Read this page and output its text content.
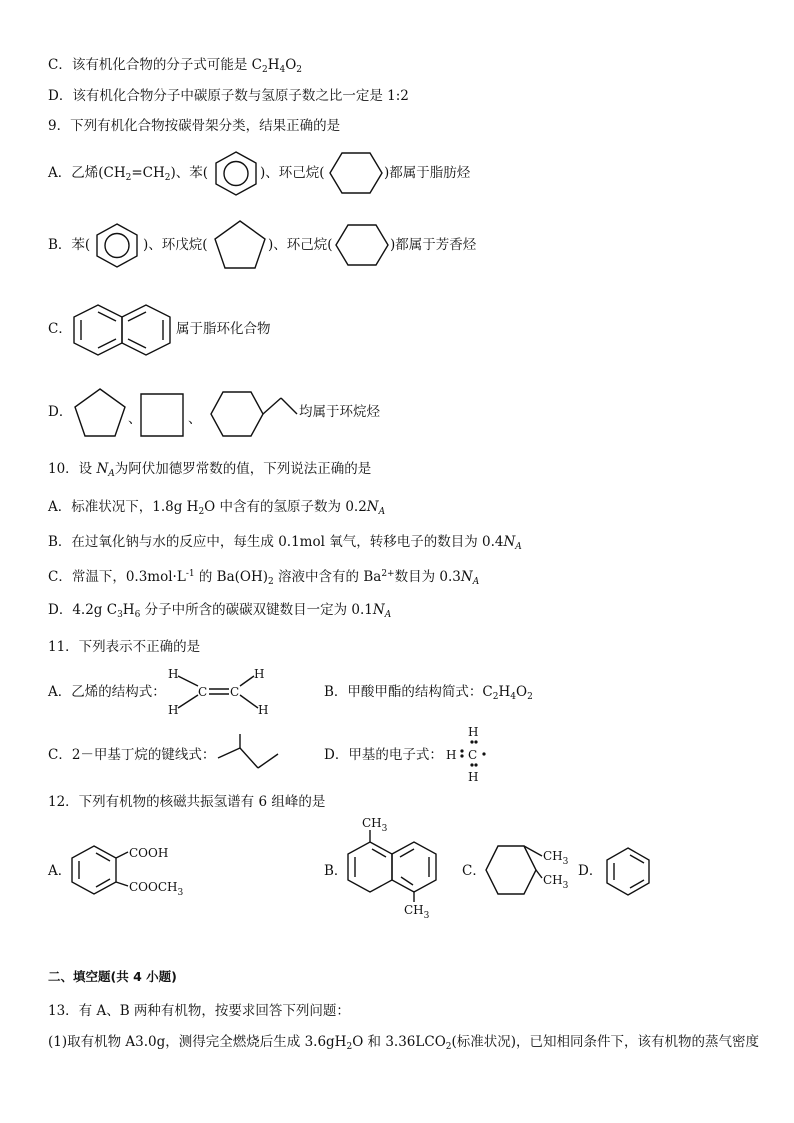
C．该有机化合物的分子式可能是 $C_2H_4O_2$
D．该有机化合物分子中碳原子数与氢原子数之比一定是 1:2
9．下列有机化合物按碳骨架分类，结果正确的是
A．乙烯$(CH_2=CH_2)$、苯(	)、环己烷(	)都属于脂肪烃
B．苯(	)、环戊烷(	)、环己烷(	)都属于芳香烃
C．	属于脂环化合物
D．	、	、	均属于环烷烃
10．设 $N_A$为阿伏加德罗常数的值，下列说法正确的是
A．标准状况下，1.8g $H_2O$ 中含有的氢原子数为 $0.2N_A$
B．在过氧化钠与水的反应中，每生成 0.1mol 氧气，转移电子的数目为 $0.4N_A$
C．常温下，$0.3mol\cdot L^{-1}$ 的 $Ba(OH)_2$ 溶液中含有的 $Ba^{2+}$数目为 $0.3N_A$
D．4.2g $C_3H_6$ 分子中所含的碳碳双键数目一定为 $0.1N_A$
11．下列表示不正确的是
A．乙烯的结构式：
H
H
C C
H
H
B．甲酸甲酯的结构简式：$C_2H_4O_2$
C．2－甲基丁烷的键线式：	D．甲基的电子式：
H
H C
H
12．下列有机物的核磁共振氢谱有 6 组峰的是
A．
COOH
$COOCH_3$
B．
$CH_3$
$CH_3$
C．
$CH_3$
$CH_3$
D．
二、填空题(共 4 小题)
13．有 A、B 两种有机物，按要求回答下列问题：
(1)取有机物 A3.0g，测得完全燃烧后生成 $3.6gH_2O$ 和 $3.36LCO_2$(标准状况)，已知相同条件下，该有机物的蒸气密度
